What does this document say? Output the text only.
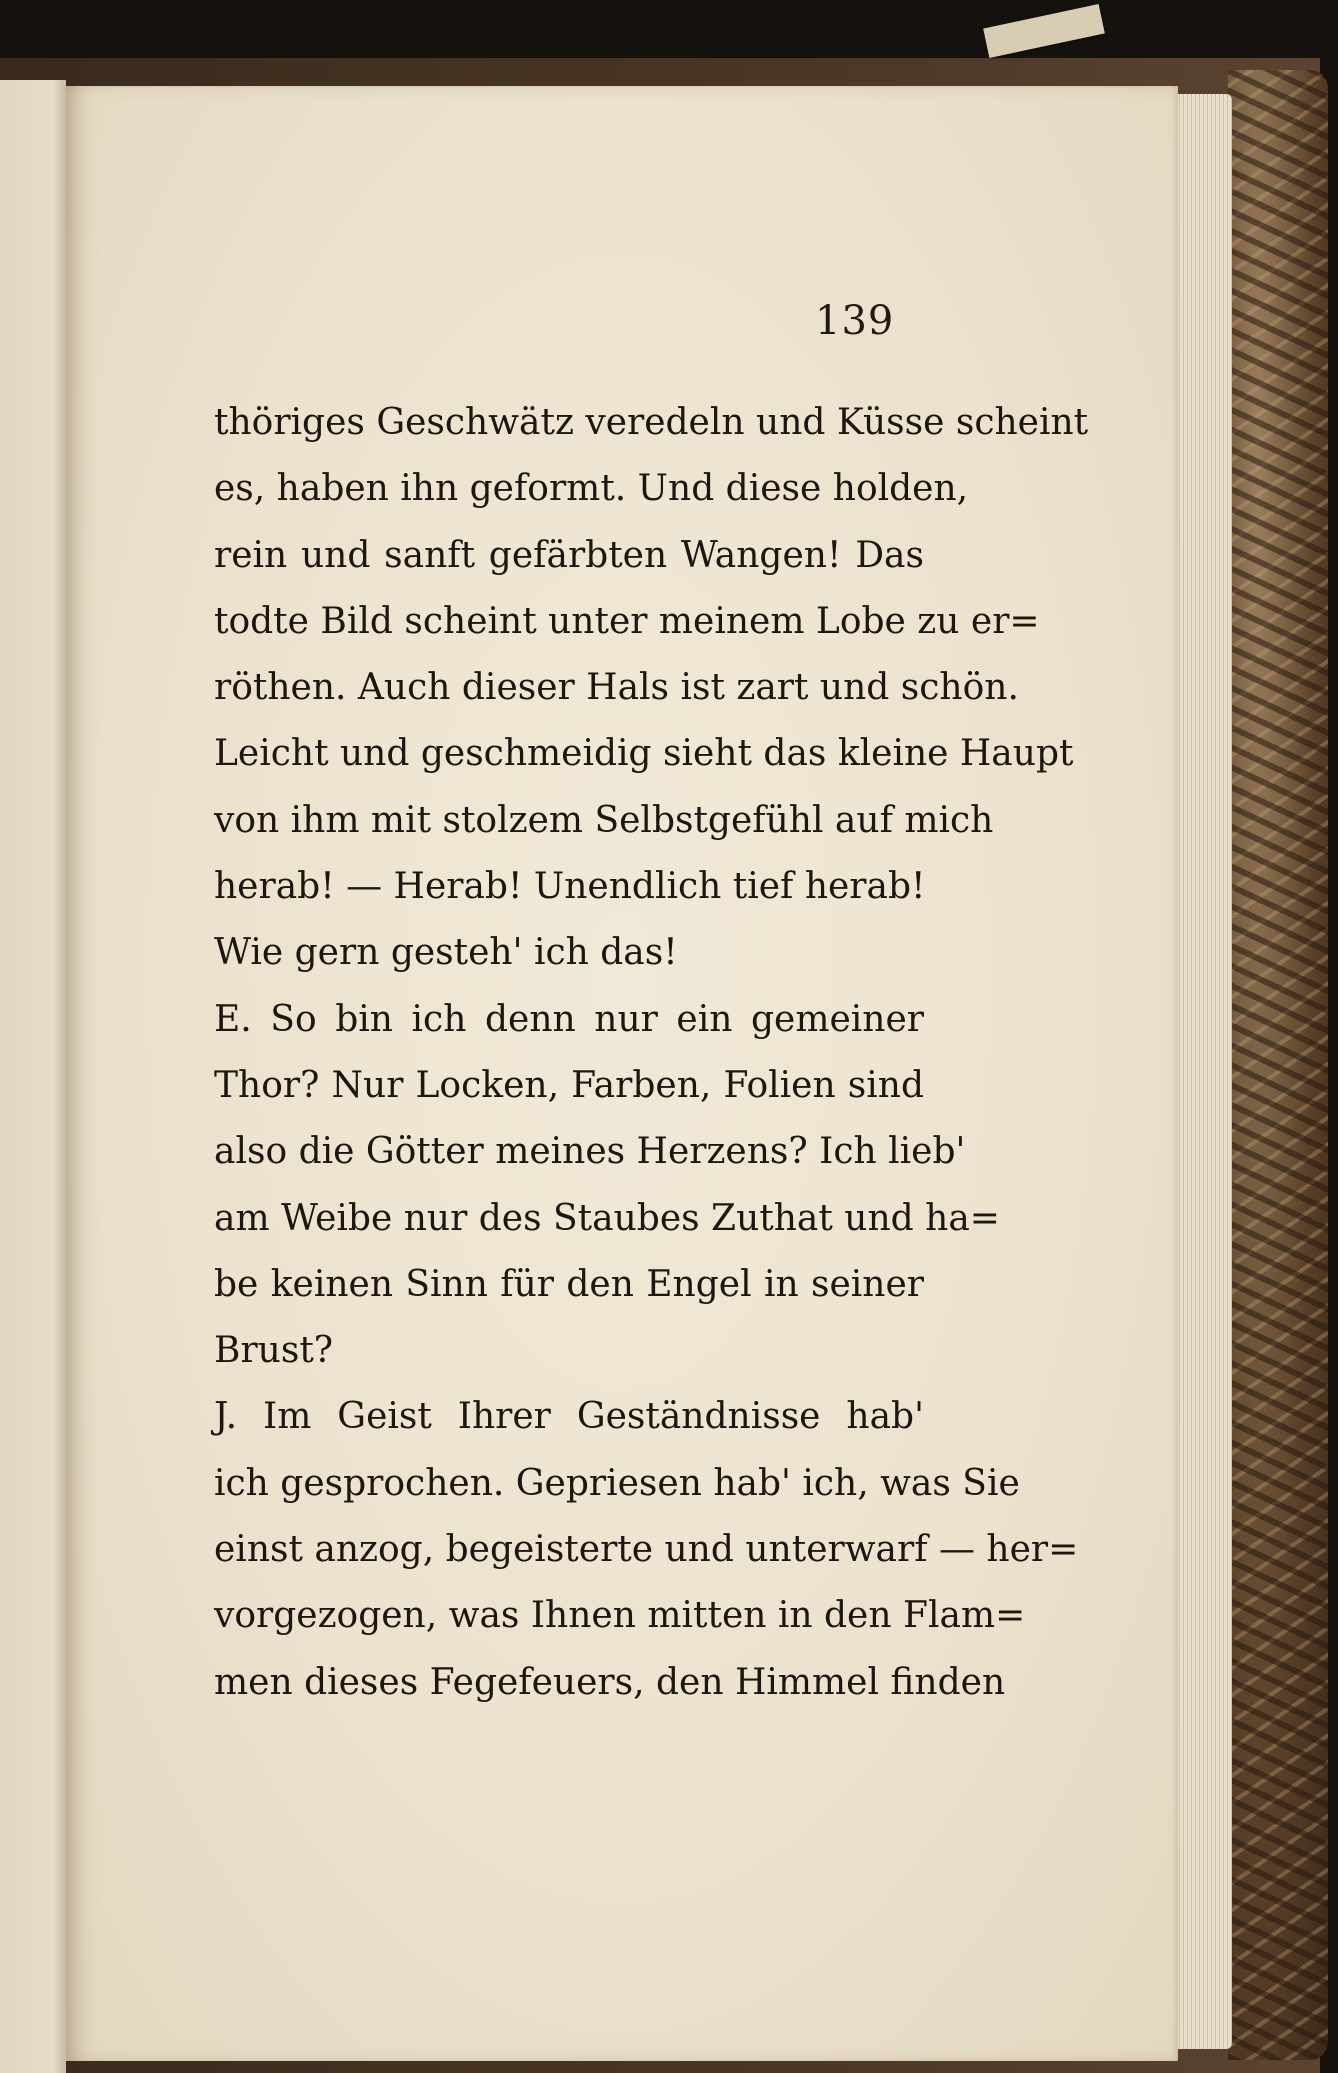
139
thöriges Geschwätz veredeln und Küsse scheint
es, haben ihn geformt. Und diese holden,
rein und sanft gefärbten Wangen! Das
todte Bild scheint unter meinem Lobe zu er=
röthen. Auch dieser Hals ist zart und schön.
Leicht und geschmeidig sieht das kleine Haupt
von ihm mit stolzem Selbstgefühl auf mich
herab! — Herab! Unendlich tief herab!
Wie gern gesteh' ich das!
E. So bin ich denn nur ein gemeiner
Thor? Nur Locken, Farben, Folien sind
also die Götter meines Herzens? Ich lieb'
am Weibe nur des Staubes Zuthat und ha=
be keinen Sinn für den Engel in seiner
Brust?
J. Im Geist Ihrer Geständnisse hab'
ich gesprochen. Gepriesen hab' ich, was Sie
einst anzog, begeisterte und unterwarf — her=
vorgezogen, was Ihnen mitten in den Flam=
men dieses Fegefeuers, den Himmel finden
